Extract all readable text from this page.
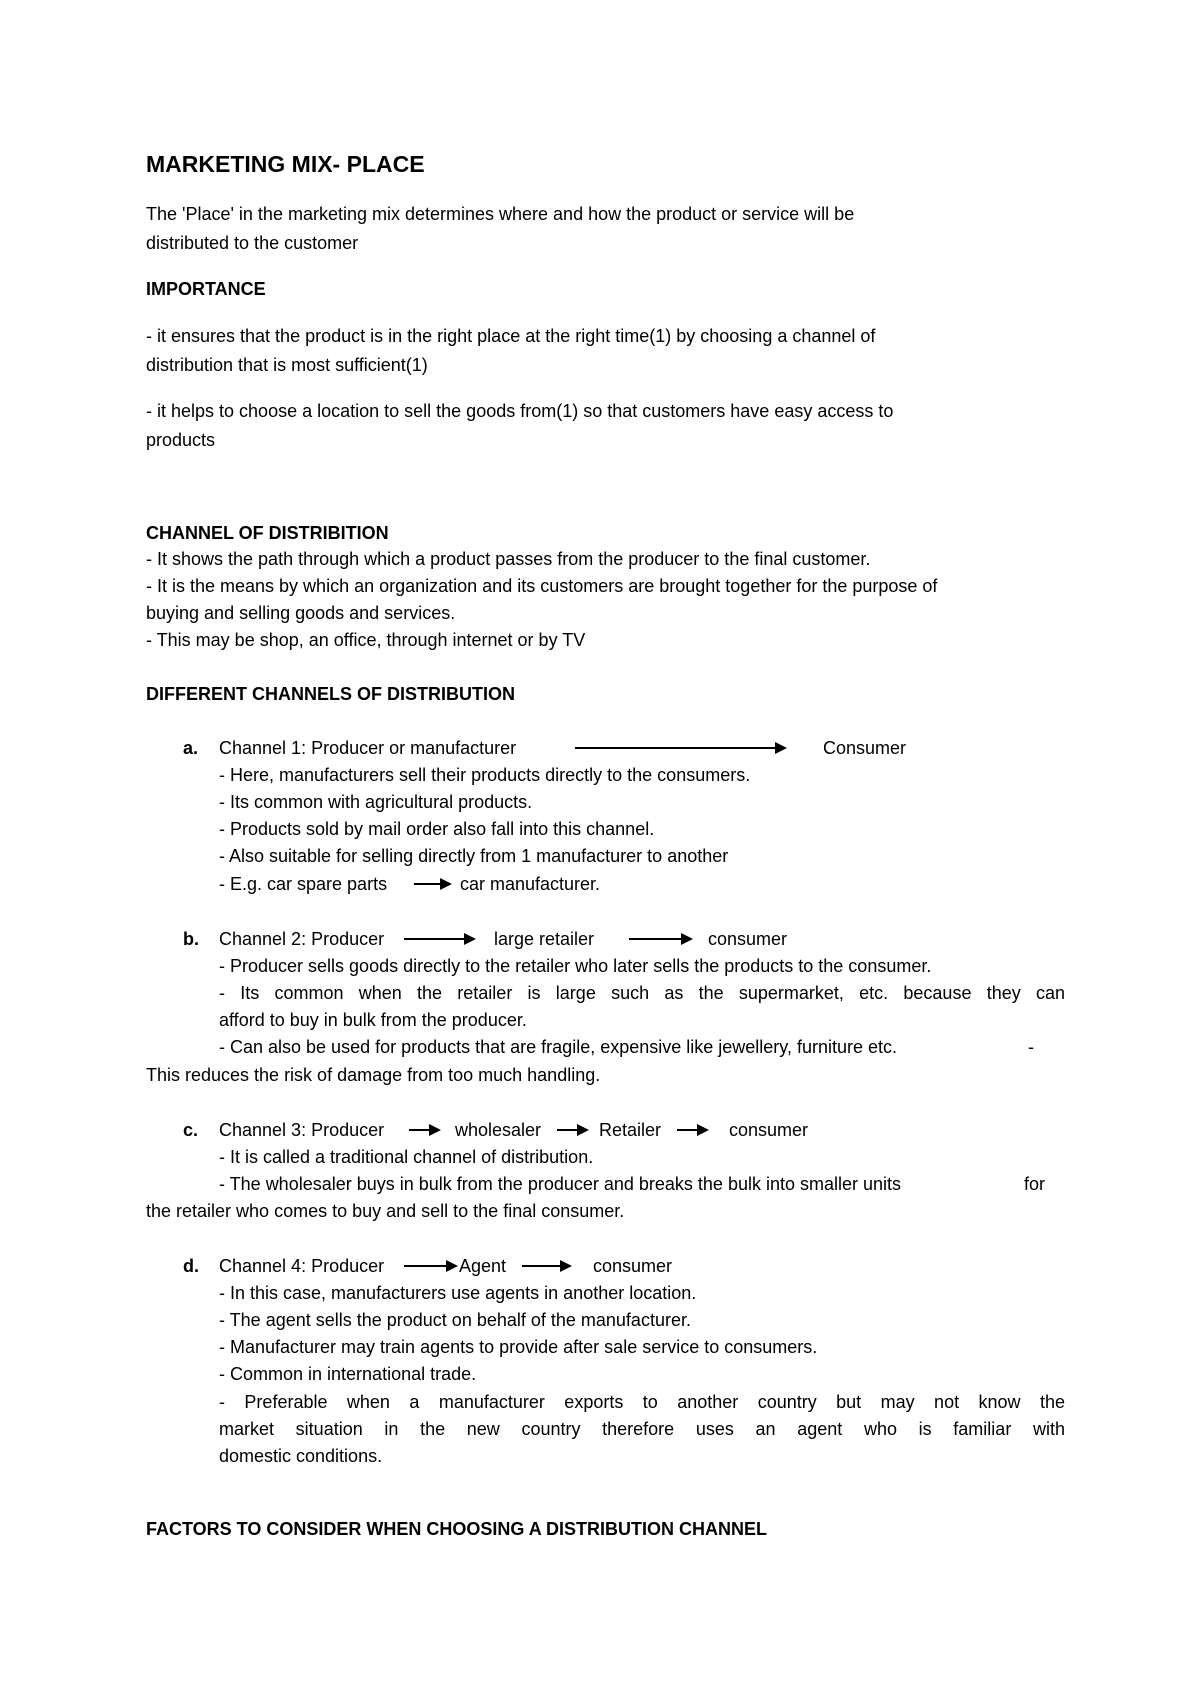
MARKETING MIX- PLACE
The 'Place' in the marketing mix determines where and how the product or service will be
distributed to the customer
IMPORTANCE
- it ensures that the product is in the right place at the right time(1) by choosing a channel of
distribution that is most sufficient(1)
- it helps to choose a location to sell the goods from(1) so that customers have easy access to
products
CHANNEL OF DISTRIBITION
- It shows the path through which a product passes from the producer to the final customer.
- It is the means by which an organization and its customers are brought together for the purpose of
buying and selling goods and services.
- This may be shop, an office, through internet or by TV
DIFFERENT CHANNELS OF DISTRIBUTION
a. Channel 1: Producer or manufacturer	Consumer
- Here, manufacturers sell their products directly to the consumers.
- Its common with agricultural products.
- Products sold by mail order also fall into this channel.
- Also suitable for selling directly from 1 manufacturer to another
- E.g. car spare parts	car manufacturer.
b. Channel 2: Producer	large retailer	consumer
- Producer sells goods directly to the retailer who later sells the products to the consumer.
- Its common when the retailer is large such as the supermarket, etc. because they can
afford to buy in bulk from the producer.
- Can also be used for products that are fragile, expensive like jewellery, furniture etc.	-
This reduces the risk of damage from too much handling.
c. Channel 3: Producer	wholesaler	Retailer	consumer
- It is called a traditional channel of distribution.
- The wholesaler buys in bulk from the producer and breaks the bulk into smaller units	for
the retailer who comes to buy and sell to the final consumer.
d. Channel 4: Producer	Agent	consumer
- In this case, manufacturers use agents in another location.
- The agent sells the product on behalf of the manufacturer.
- Manufacturer may train agents to provide after sale service to consumers.
- Common in international trade.
- Preferable when a manufacturer exports to another country but may not know the
market situation in the new country therefore uses an agent who is familiar with
domestic conditions.
FACTORS TO CONSIDER WHEN CHOOSING A DISTRIBUTION CHANNEL
